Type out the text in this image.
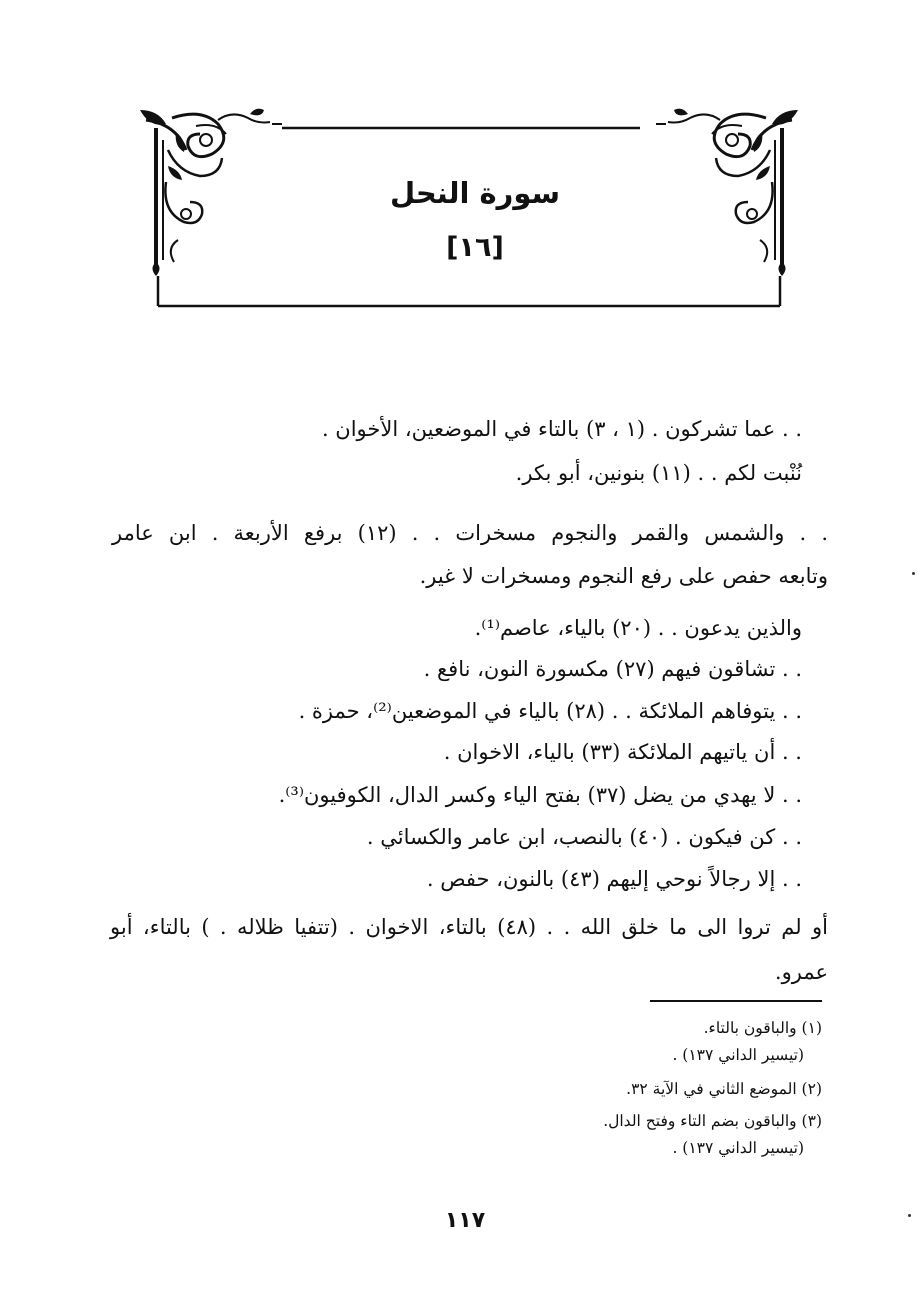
سورة النحل
[١٦]
. . عما تشركون . (١ ، ٣) بالتاء في الموضعين، الأخوان .
نُنْبت لكم . . (١١) بنونين، أبو بكر.
. . والشمس والقمر والنجوم مسخرات . . (١٢) برفع الأربعة . ابن عامر
وتابعه حفص على رفع النجوم ومسخرات لا غير.
والذين يدعون . . (٢٠) بالياء، عاصم⁽¹⁾.
. . تشاقون فيهم (٢٧) مكسورة النون، نافع .
. . يتوفاهم الملائكة . . (٢٨) بالياء في الموضعين⁽²⁾، حمزة .
. . أن ياتيهم الملائكة (٣٣) بالياء، الاخوان .
. . لا يهدي من يضل (٣٧) بفتح الياء وكسر الدال، الكوفيون⁽³⁾.
. . كن فيكون . (٤٠) بالنصب، ابن عامر والكسائي .
. . إلا رجالاً نوحي إليهم (٤٣) بالنون، حفص .
أو لم تروا الى ما خلق الله . . (٤٨) بالتاء، الاخوان . (تتفيا ظلاله . ) بالتاء، أبو
عمرو.
(١) والباقون بالتاء.
(تيسير الداني ١٣٧) .
(٢) الموضع الثاني في الآية ٣٢.
(٣) والباقون بضم التاء وفتح الدال.
(تيسير الداني ١٣٧) .
١١٧
